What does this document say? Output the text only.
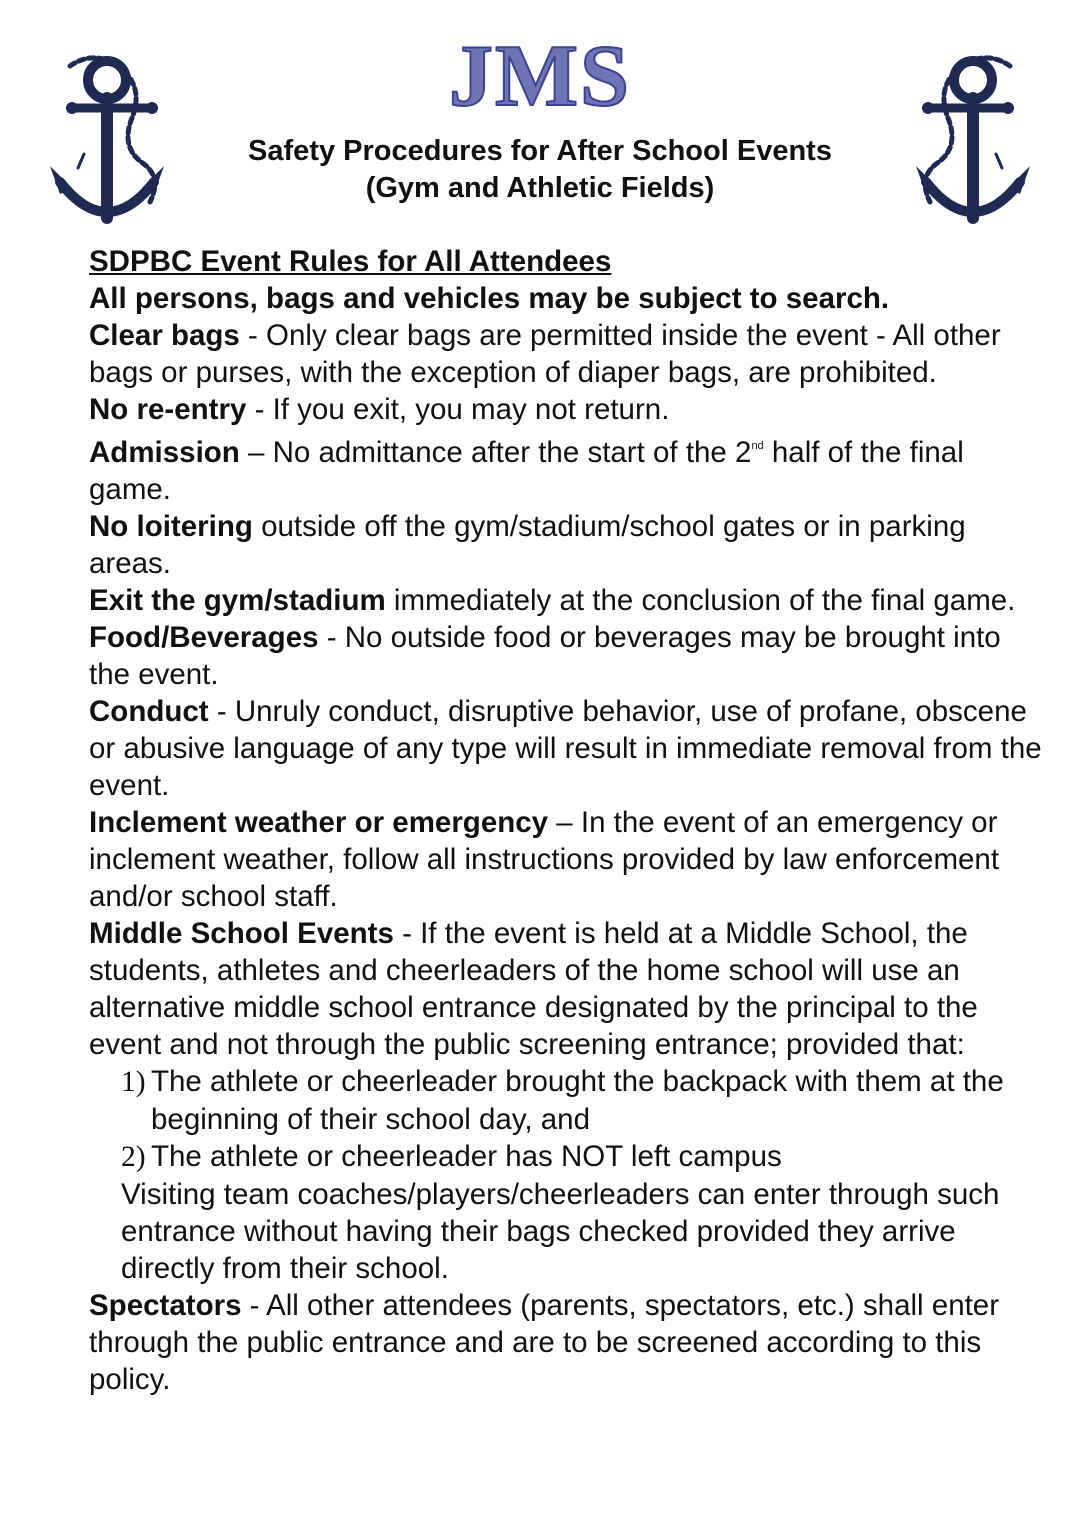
JMS
Safety Procedures for After School Events
(Gym and Athletic Fields)

SDPBC Event Rules for All Attendees

All persons, bags and vehicles may be subject to search.

Clear bags - Only clear bags are permitted inside the event - All other bags or purses, with the exception of diaper bags, are prohibited.

No re-entry - If you exit, you may not return.

Admission – No admittance after the start of the 2nd half of the final game.

No loitering outside off the gym/stadium/school gates or in parking areas.

Exit the gym/stadium immediately at the conclusion of the final game.

Food/Beverages - No outside food or beverages may be brought into the event.

Conduct - Unruly conduct, disruptive behavior, use of profane, obscene or abusive language of any type will result in immediate removal from the event.

Inclement weather or emergency – In the event of an emergency or inclement weather, follow all instructions provided by law enforcement and/or school staff.

Middle School Events - If the event is held at a Middle School, the students, athletes and cheerleaders of the home school will use an alternative middle school entrance designated by the principal to the event and not through the public screening entrance; provided that:

1) The athlete or cheerleader brought the backpack with them at the beginning of their school day, and

2) The athlete or cheerleader has NOT left campus

Visiting team coaches/players/cheerleaders can enter through such entrance without having their bags checked provided they arrive directly from their school.

Spectators - All other attendees (parents, spectators, etc.) shall enter through the public entrance and are to be screened according to this policy.
